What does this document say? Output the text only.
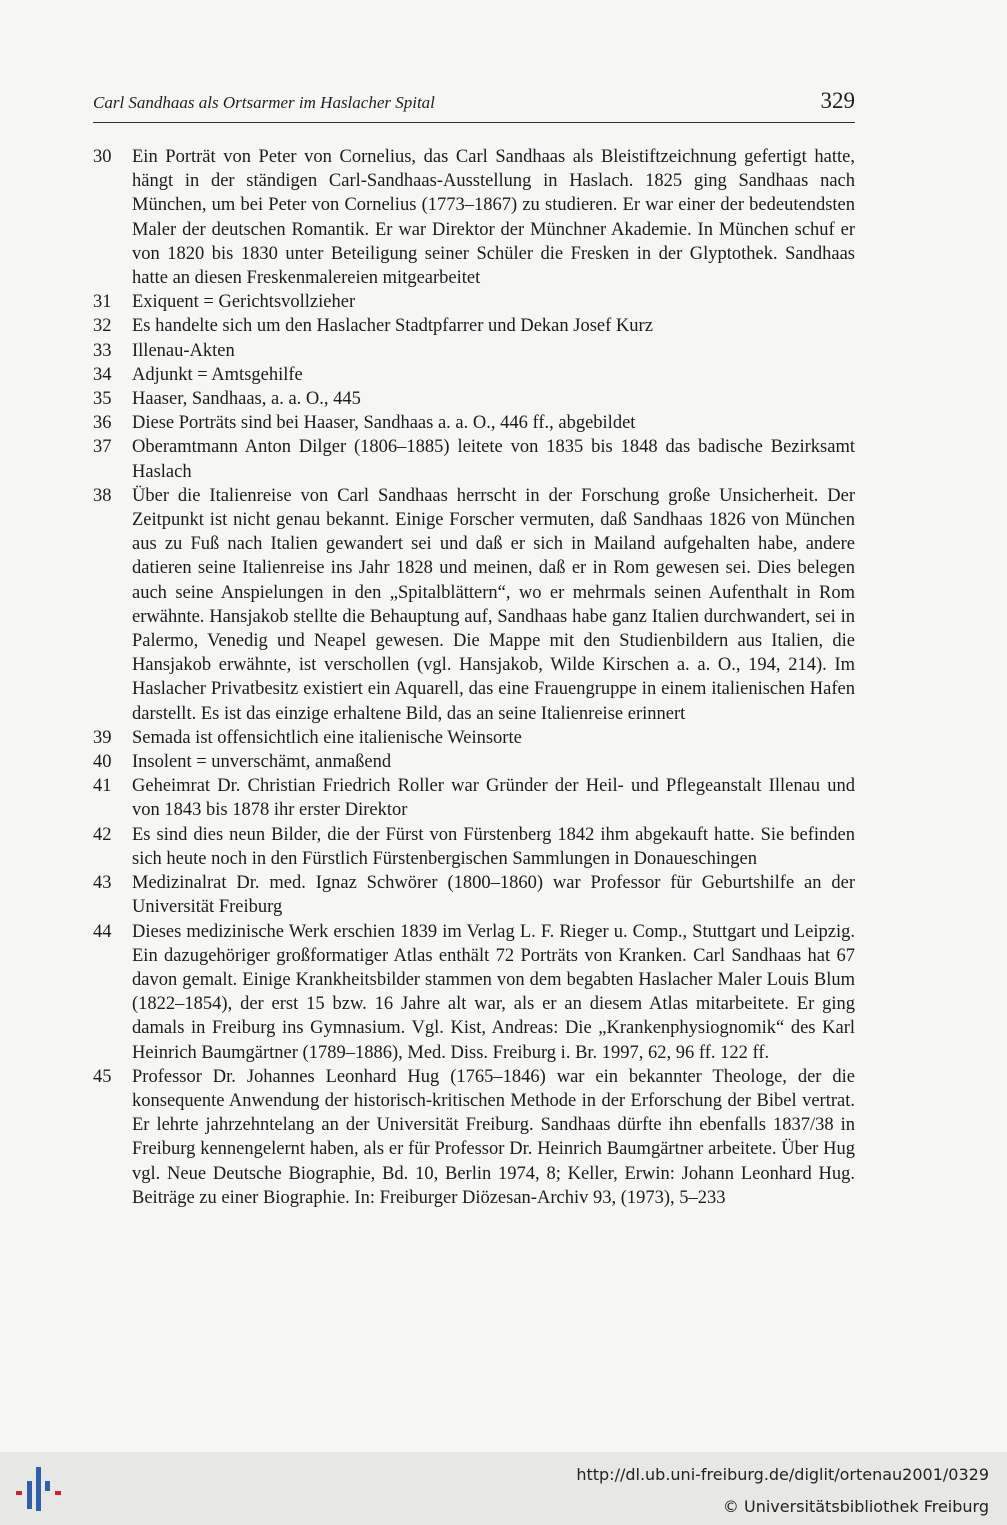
Carl Sandhaas als Ortsarmer im Haslacher Spital	329
30 Ein Porträt von Peter von Cornelius, das Carl Sandhaas als Bleistiftzeichnung gefertigt hatte, hängt in der ständigen Carl-Sandhaas-Ausstellung in Haslach. 1825 ging Sandhaas nach München, um bei Peter von Cornelius (1773–1867) zu studieren. Er war einer der bedeutendsten Maler der deutschen Romantik. Er war Direktor der Münchner Akademie. In München schuf er von 1820 bis 1830 unter Beteiligung seiner Schüler die Fresken in der Glyptothek. Sandhaas hatte an diesen Freskenmalereien mitgearbeitet
31 Exiquent = Gerichtsvollzieher
32 Es handelte sich um den Haslacher Stadtpfarrer und Dekan Josef Kurz
33 Illenau-Akten
34 Adjunkt = Amtsgehilfe
35 Haaser, Sandhaas, a. a. O., 445
36 Diese Porträts sind bei Haaser, Sandhaas a. a. O., 446 ff., abgebildet
37 Oberamtmann Anton Dilger (1806–1885) leitete von 1835 bis 1848 das badische Bezirksamt Haslach
38 Über die Italienreise von Carl Sandhaas herrscht in der Forschung große Unsicherheit. Der Zeitpunkt ist nicht genau bekannt. Einige Forscher vermuten, daß Sandhaas 1826 von München aus zu Fuß nach Italien gewandert sei und daß er sich in Mailand aufgehalten habe, andere datieren seine Italienreise ins Jahr 1828 und meinen, daß er in Rom gewesen sei. Dies belegen auch seine Anspielungen in den „Spitalblättern“, wo er mehrmals seinen Aufenthalt in Rom erwähnte. Hansjakob stellte die Behauptung auf, Sandhaas habe ganz Italien durchwandert, sei in Palermo, Venedig und Neapel gewesen. Die Mappe mit den Studienbildern aus Italien, die Hansjakob erwähnte, ist verschollen (vgl. Hansjakob, Wilde Kirschen a. a. O., 194, 214). Im Haslacher Privatbesitz existiert ein Aquarell, das eine Frauengruppe in einem italienischen Hafen darstellt. Es ist das einzige erhaltene Bild, das an seine Italienreise erinnert
39 Semada ist offensichtlich eine italienische Weinsorte
40 Insolent = unverschämt, anmaßend
41 Geheimrat Dr. Christian Friedrich Roller war Gründer der Heil- und Pflegeanstalt Illenau und von 1843 bis 1878 ihr erster Direktor
42 Es sind dies neun Bilder, die der Fürst von Fürstenberg 1842 ihm abgekauft hatte. Sie befinden sich heute noch in den Fürstlich Fürstenbergischen Sammlungen in Donaueschingen
43 Medizinalrat Dr. med. Ignaz Schwörer (1800–1860) war Professor für Geburtshilfe an der Universität Freiburg
44 Dieses medizinische Werk erschien 1839 im Verlag L. F. Rieger u. Comp., Stuttgart und Leipzig. Ein dazugehöriger großformatiger Atlas enthält 72 Porträts von Kranken. Carl Sandhaas hat 67 davon gemalt. Einige Krankheitsbilder stammen von dem begabten Haslacher Maler Louis Blum (1822–1854), der erst 15 bzw. 16 Jahre alt war, als er an diesem Atlas mitarbeitete. Er ging damals in Freiburg ins Gymnasium. Vgl. Kist, Andreas: Die „Krankenphysiognomik“ des Karl Heinrich Baumgärtner (1789–1886), Med. Diss. Freiburg i. Br. 1997, 62, 96 ff. 122 ff.
45 Professor Dr. Johannes Leonhard Hug (1765–1846) war ein bekannter Theologe, der die konsequente Anwendung der historisch-kritischen Methode in der Erforschung der Bibel vertrat. Er lehrte jahrzehntelang an der Universität Freiburg. Sandhaas dürfte ihn ebenfalls 1837/38 in Freiburg kennengelernt haben, als er für Professor Dr. Heinrich Baumgärtner arbeitete. Über Hug vgl. Neue Deutsche Biographie, Bd. 10, Berlin 1974, 8; Keller, Erwin: Johann Leonhard Hug. Beiträge zu einer Biographie. In: Freiburger Diözesan-Archiv 93, (1973), 5–233
http://dl.ub.uni-freiburg.de/diglit/ortenau2001/0329
© Universitätsbibliothek Freiburg
